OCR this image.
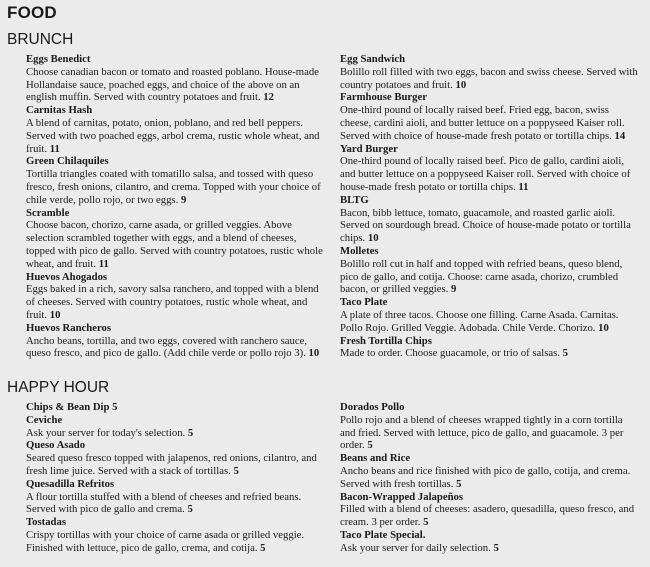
FOOD
BRUNCH
Eggs Benedict

Choose canadian bacon or tomato and roasted poblano. House-made Hollandaise sauce, poached eggs, and choice of the above on an english muffin. Served with country potatoes and fruit. 12

Carnitas Hash

A blend of carnitas, potato, onion, poblano, and red bell peppers. Served with two poached eggs, arbol crema, rustic whole wheat, and fruit. 11

Green Chilaquiles

Tortilla triangles coated with tomatillo salsa, and tossed with queso fresco, fresh onions, cilantro, and crema. Topped with your choice of chile verde, pollo rojo, or two eggs. 9

Scramble

Choose bacon, chorizo, carne asada, or grilled veggies. Above selection scrambled together with eggs, and a blend of cheeses, topped with pico de gallo. Served with country potatoes, rustic whole wheat, and fruit. 11

Huevos Ahogados

Eggs baked in a rich, savory salsa ranchero, and topped with a blend of cheeses. Served with country potatoes, rustic whole wheat, and fruit. 10

Huevos Rancheros

Ancho beans, tortilla, and two eggs, covered with ranchero sauce, queso fresco, and pico de gallo. (Add chile verde or pollo rojo 3). 10

Egg Sandwich

Bolillo roll filled with two eggs, bacon and swiss cheese. Served with country potatoes and fruit. 10

Farmhouse Burger

One-third pound of locally raised beef. Fried egg, bacon, swiss cheese, cardini aioli, and butter lettuce on a poppyseed Kaiser roll. Served with choice of house-made fresh potato or tortilla chips. 14

Yard Burger

One-third pound of locally raised beef. Pico de gallo, cardini aioli, and butter lettuce on a poppyseed Kaiser roll. Served with choice of house-made fresh potato or tortilla chips. 11

BLTG

Bacon, bibb lettuce, tomato, guacamole, and roasted garlic aioli. Served on sourdough bread. Choice of house-made potato or tortilla chips. 10

Molletes

Bolillo roll cut in half and topped with refried beans, queso blend, pico de gallo, and cotija. Choose: carne asada, chorizo, crumbled bacon, or grilled veggies. 9

Taco Plate

A plate of three tacos. Choose one filling. Carne Asada. Carnitas. Pollo Rojo. Grilled Veggie. Adobada. Chile Verde. Chorizo. 10

Fresh Tortilla Chips

Made to order. Choose guacamole, or trio of salsas. 5

HAPPY HOUR
Chips & Bean Dip 5
Ceviche

Ask your server for today's selection. 5

Queso Asado

Seared queso fresco topped with jalapenos, red onions, cilantro, and fresh lime juice. Served with a stack of tortillas. 5

Quesadilla Refritos

A flour tortilla stuffed with a blend of cheeses and refried beans. Served with pico de gallo and crema. 5

Tostadas

Crispy tortillas with your choice of carne asada or grilled veggie. Finished with lettuce, pico de gallo, crema, and cotija. 5

Dorados Pollo

Pollo rojo and a blend of cheeses wrapped tightly in a corn tortilla and fried. Served with lettuce, pico de gallo, and guacamole. 3 per order. 5

Beans and Rice

Ancho beans and rice finished with pico de gallo, cotija, and crema. Served with fresh tortillas. 5

Bacon-Wrapped Jalapeños

Filled with a blend of cheeses: asadero, quesadilla, queso fresco, and cream. 3 per order. 5

Taco Plate Special.

Ask your server for daily selection. 5
